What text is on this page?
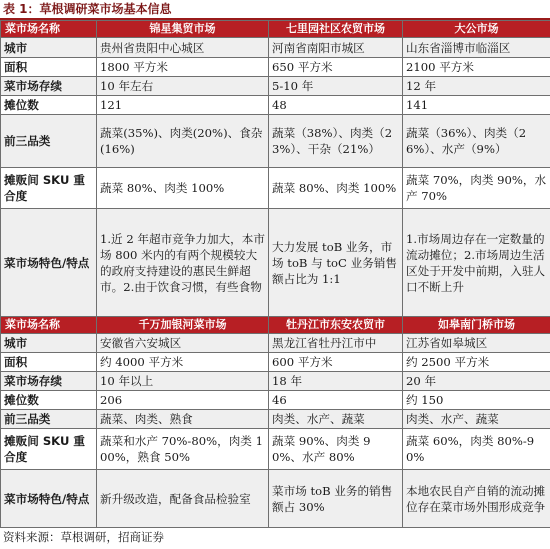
表 1：草根调研菜市场基本信息
菜市场名称	锦星集贸市场	七里园社区农贸市场	大公市场
城市	贵州省贵阳中心城区	河南省南阳市城区	山东省淄博市临淄区
面积	1800 平方米	650 平方米	2100 平方米
菜市场存续	10 年左右	5-10 年	12 年
摊位数	121	48	141
前三品类	蔬菜(35%)、肉类(20%)、食杂(16%)	蔬菜（38%）、肉类（23%）、干杂（21%）	蔬菜（36%）、肉类（26%）、水产（9%）
摊贩间 SKU 重合度	蔬菜 80%、肉类 100%	蔬菜 80%、肉类 100%	蔬菜 70%，肉类 90%，水产 70%
菜市场特色/特点	1.近 2 年超市竞争力加大，本市场 800 米内的有两个规模较大的政府支持建设的惠民生鲜超市。2.由于饮食习惯，有些食物	大力发展 toB 业务，市场 toB 与 toC 业务销售额占比为 1:1	1.市场周边存在一定数量的流动摊位；2.市场周边生活区处于开发中前期，入驻人口不断上升
菜市场名称	千万加银河菜市场	牡丹江市东安农贸市	如皋南门桥市场
城市	安徽省六安城区	黑龙江省牡丹江市中	江苏省如皋城区
面积	约 4000 平方米	600 平方米	约 2500 平方米
菜市场存续	10 年以上	18 年	20 年
摊位数	206	46	约 150
前三品类	蔬菜、肉类、熟食	肉类、水产、蔬菜	肉类、水产、蔬菜
摊贩间 SKU 重合度	蔬菜和水产 70%-80%，肉类 100%，熟食 50%	蔬菜 90%、肉类 90%、水产 80%	蔬菜 60%，肉类 80%-90%
菜市场特色/特点	新升级改造，配备食品检验室	菜市场 toB 业务的销售额占 30%	本地农民自产自销的流动摊位存在菜市场外围形成竞争
资料来源：草根调研，招商证券
